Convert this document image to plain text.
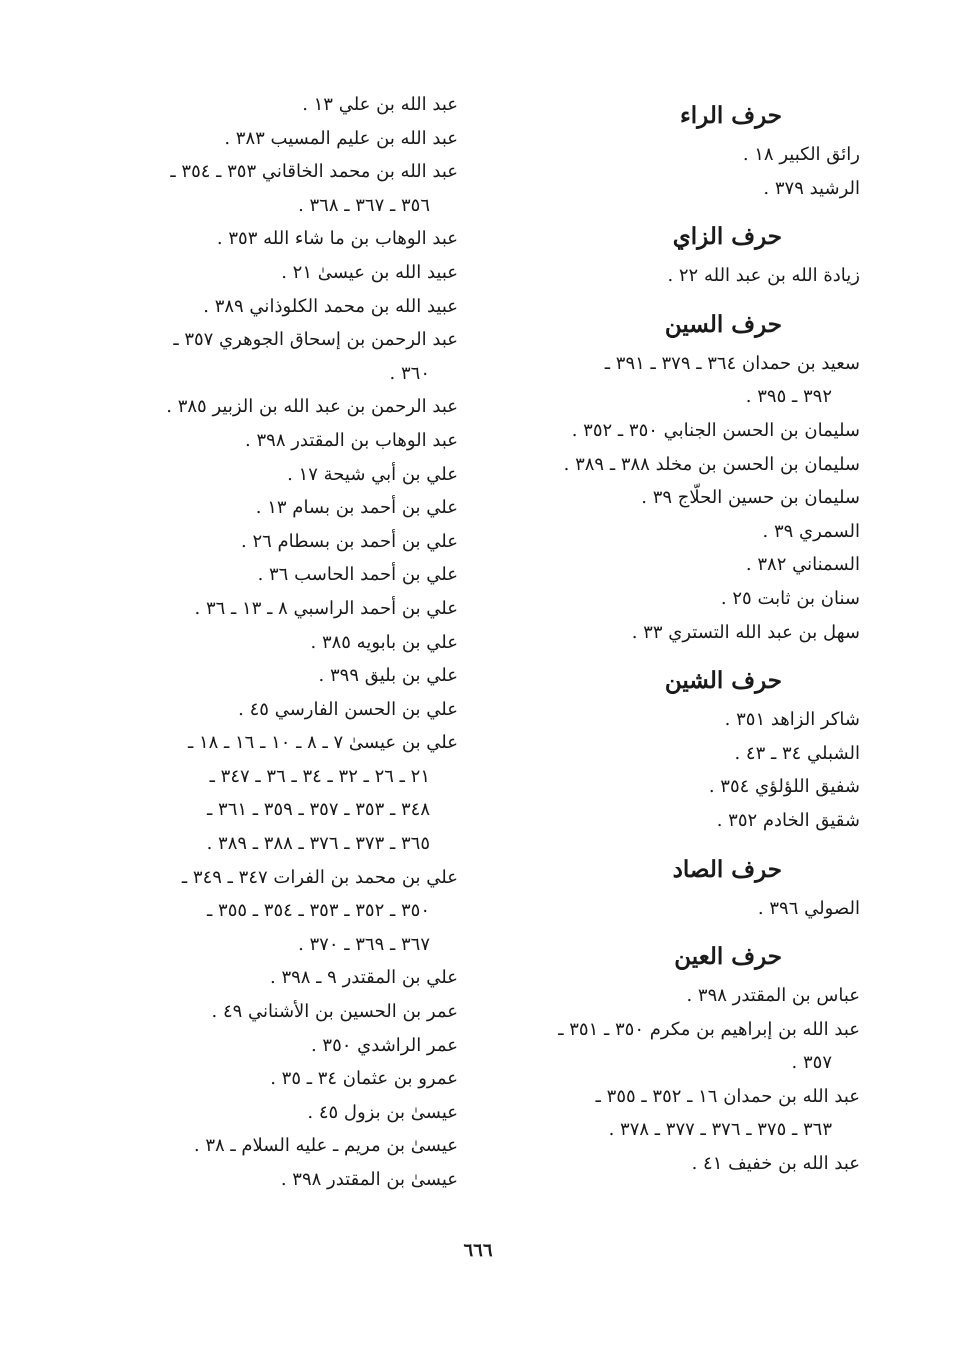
حرف الراء
رائق الكبير ١٨ .
الرشيد ٣٧٩ .
حرف الزاي
زيادة الله بن عبد الله ٢٢ .
حرف السين
سعيد بن حمدان ٣٦٤ ـ ٣٧٩ ـ ٣٩١ ـ
٣٩٢ ـ ٣٩٥ .
سليمان بن الحسن الجنابي ٣٥٠ ـ ٣٥٢ .
سليمان بن الحسن بن مخلد ٣٨٨ ـ ٣٨٩ .
سليمان بن حسين الحلّاج ٣٩ .
السمري ٣٩ .
السمناني ٣٨٢ .
سنان بن ثابت ٢٥ .
سهل بن عبد الله التستري ٣٣ .
حرف الشين
شاكر الزاهد ٣٥١ .
الشبلي ٣٤ ـ ٤٣ .
شفيق اللؤلؤي ٣٥٤ .
شقيق الخادم ٣٥٢ .
حرف الصاد
الصولي ٣٩٦ .
حرف العين
عباس بن المقتدر ٣٩٨ .
عبد الله بن إبراهيم بن مكرم ٣٥٠ ـ ٣٥١ ـ
٣٥٧ .
عبد الله بن حمدان ١٦ ـ ٣٥٢ ـ ٣٥٥ ـ
٣٦٣ ـ ٣٧٥ ـ ٣٧٦ ـ ٣٧٧ ـ ٣٧٨ .
عبد الله بن خفيف ٤١ .
عبد الله بن علي ١٣ .
عبد الله بن عليم المسيب ٣٨٣ .
عبد الله بن محمد الخاقاني ٣٥٣ ـ ٣٥٤ ـ
٣٥٦ ـ ٣٦٧ ـ ٣٦٨ .
عبد الوهاب بن ما شاء الله ٣٥٣ .
عبيد الله بن عيسىٰ ٢١ .
عبيد الله بن محمد الكلوذاني ٣٨٩ .
عبد الرحمن بن إسحاق الجوهري ٣٥٧ ـ
٣٦٠ .
عبد الرحمن بن عبد الله بن الزبير ٣٨٥ .
عبد الوهاب بن المقتدر ٣٩٨ .
علي بن أبي شيحة ١٧ .
علي بن أحمد بن بسام ١٣ .
علي بن أحمد بن بسطام ٢٦ .
علي بن أحمد الحاسب ٣٦ .
علي بن أحمد الراسبي ٨ ـ ١٣ ـ ٣٦ .
علي بن بابويه ٣٨٥ .
علي بن بليق ٣٩٩ .
علي بن الحسن الفارسي ٤٥ .
علي بن عيسىٰ ٧ ـ ٨ ـ ١٠ ـ ١٦ ـ ١٨ ـ
٢١ ـ ٢٦ ـ ٣٢ ـ ٣٤ ـ ٣٦ ـ ٣٤٧ ـ
٣٤٨ ـ ٣٥٣ ـ ٣٥٧ ـ ٣٥٩ ـ ٣٦١ ـ
٣٦٥ ـ ٣٧٣ ـ ٣٧٦ ـ ٣٨٨ ـ ٣٨٩ .
علي بن محمد بن الفرات ٣٤٧ ـ ٣٤٩ ـ
٣٥٠ ـ ٣٥٢ ـ ٣٥٣ ـ ٣٥٤ ـ ٣٥٥ ـ
٣٦٧ ـ ٣٦٩ ـ ٣٧٠ .
علي بن المقتدر ٩ ـ ٣٩٨ .
عمر بن الحسين بن الأشناني ٤٩ .
عمر الراشدي ٣٥٠ .
عمرو بن عثمان ٣٤ ـ ٣٥ .
عيسىٰ بن بزول ٤٥ .
عيسىٰ بن مريم ـ عليه السلام ـ ٣٨ .
عيسىٰ بن المقتدر ٣٩٨ .
٦٦٦
